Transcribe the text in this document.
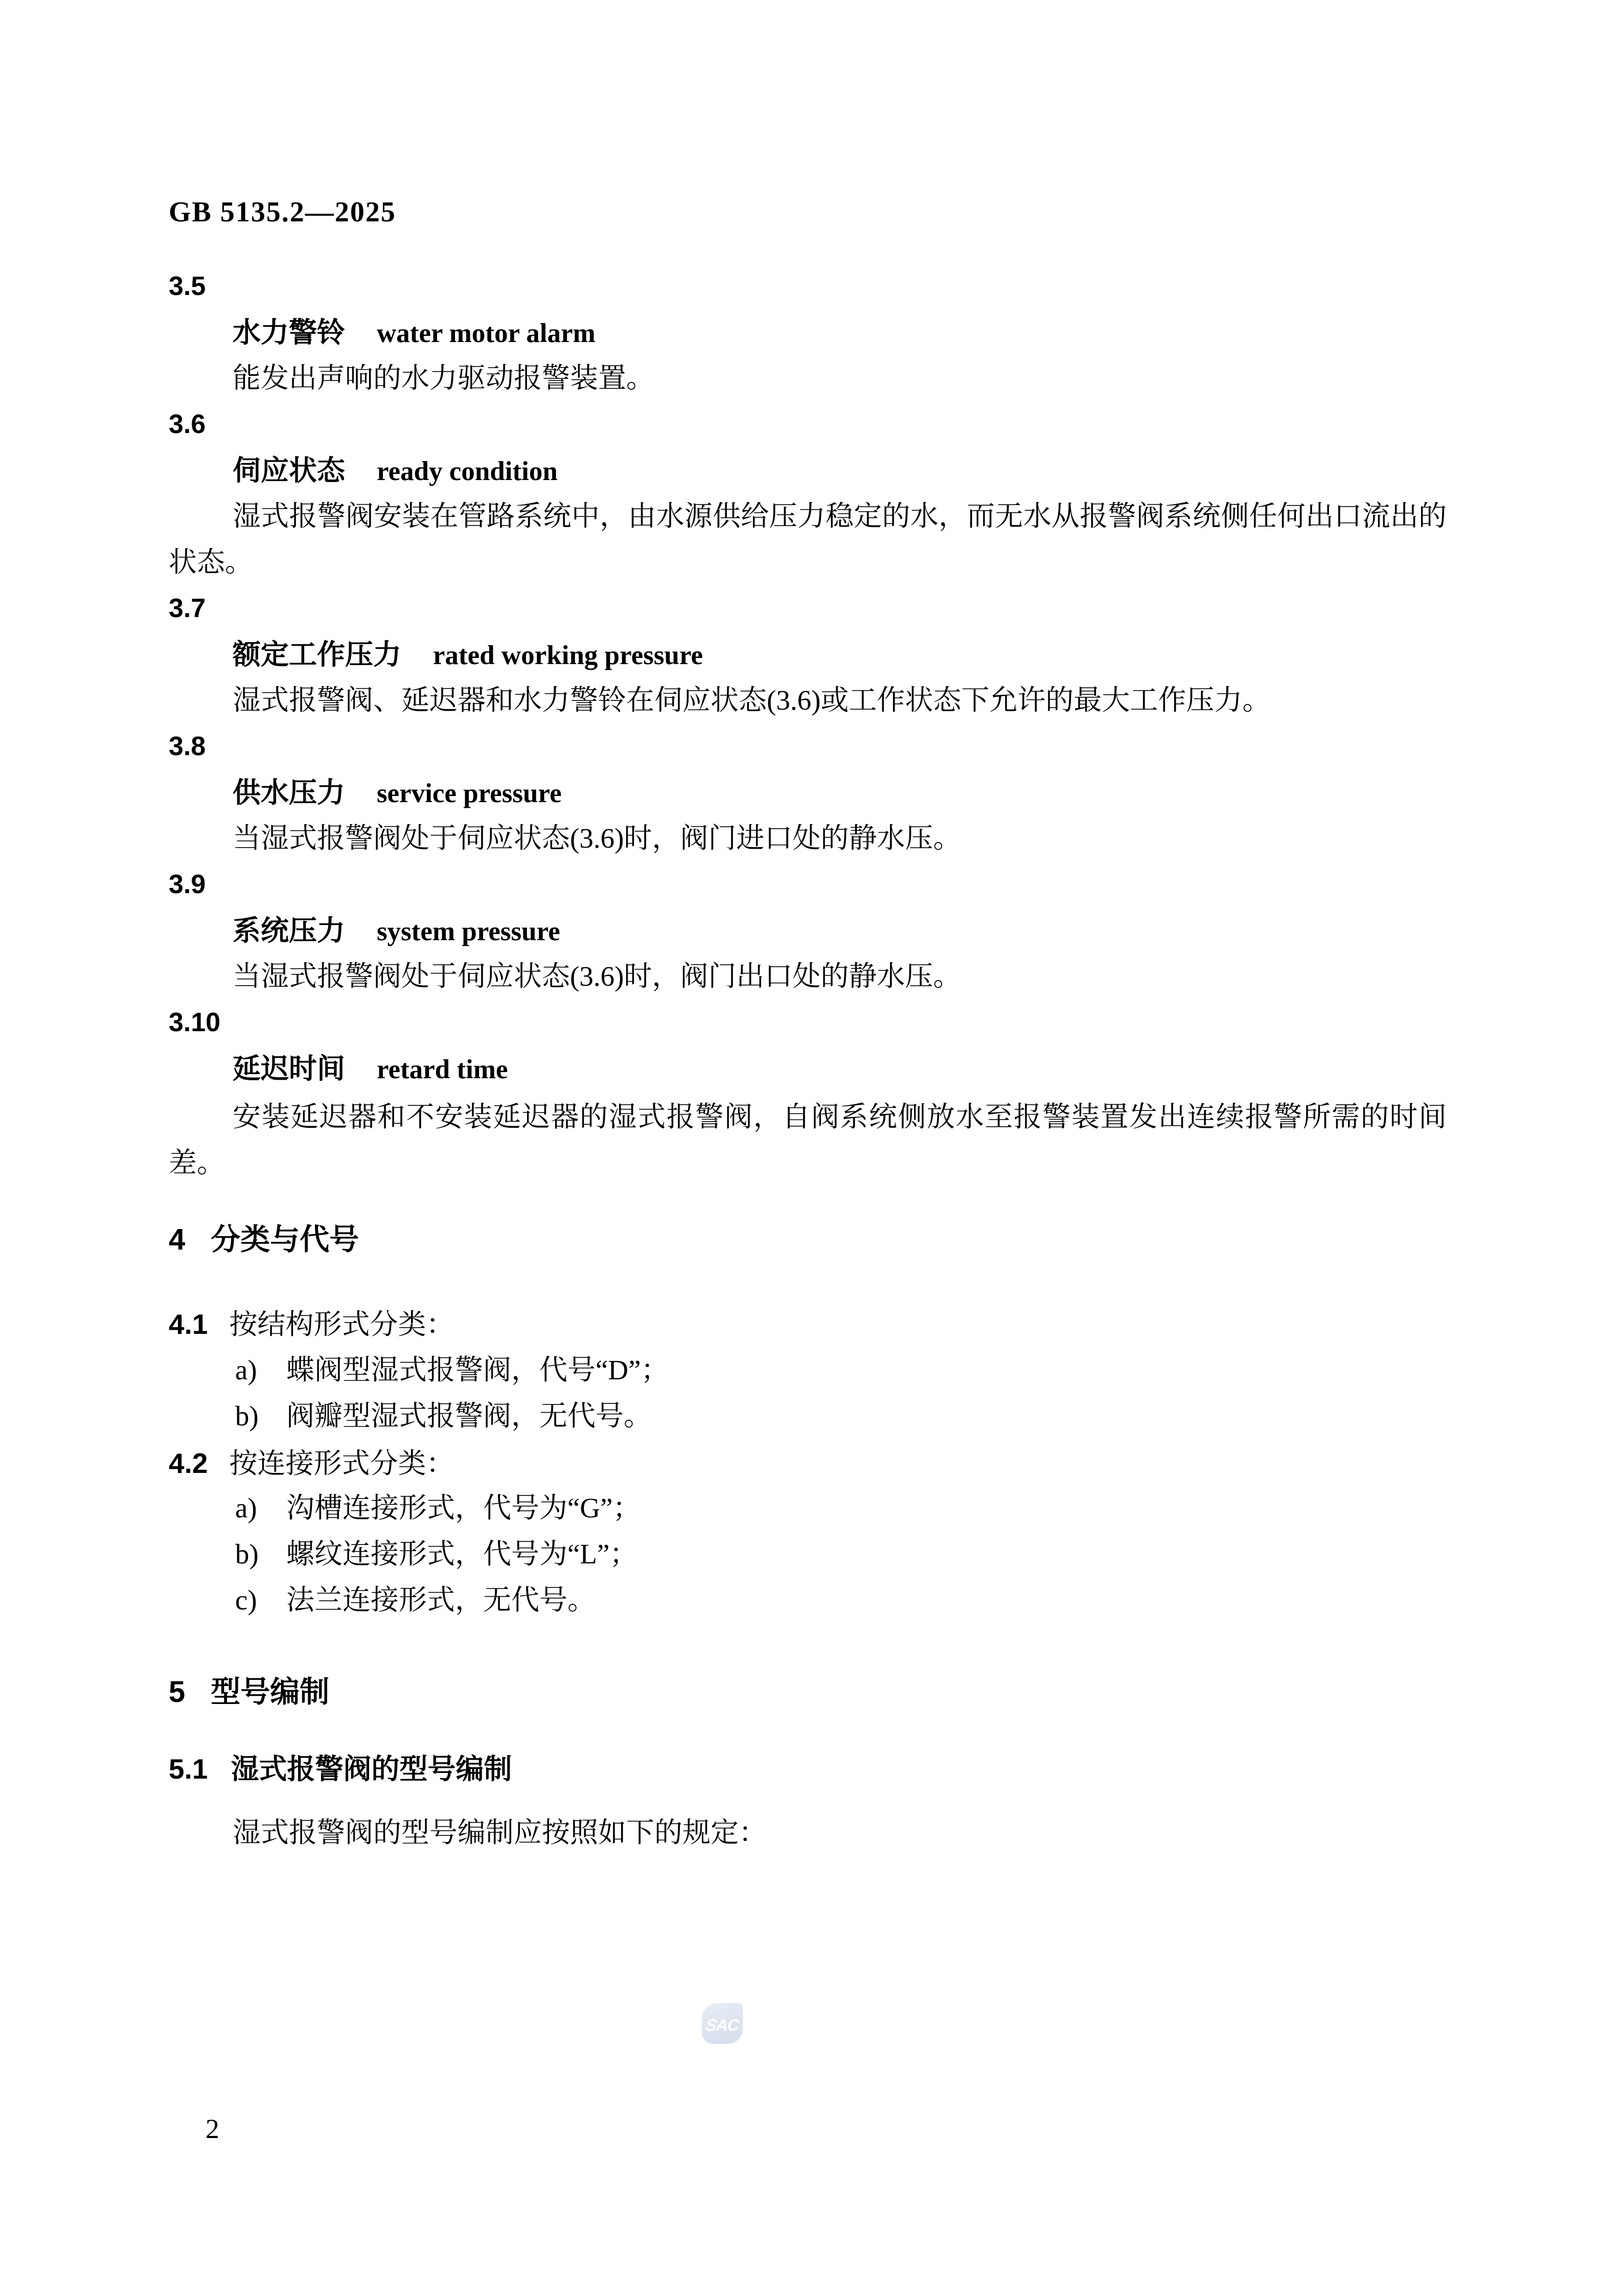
GB 5135.2—2025
3.5
水力警铃 water motor alarm

能发出声响的水力驱动报警装置。

3.6
伺应状态 ready condition

湿式报警阀安装在管路系统中，由水源供给压力稳定的水，而无水从报警阀系统侧任何出口流出的状态。

3.7
额定工作压力 rated working pressure

湿式报警阀、延迟器和水力警铃在伺应状态(3.6)或工作状态下允许的最大工作压力。

3.8
供水压力 service pressure

当湿式报警阀处于伺应状态(3.6)时，阀门进口处的静水压。

3.9
系统压力 system pressure

当湿式报警阀处于伺应状态(3.6)时，阀门出口处的静水压。

3.10
延迟时间 retard time

安装延迟器和不安装延迟器的湿式报警阀，自阀系统侧放水至报警装置发出连续报警所需的时间差。

4 分类与代号
4.1 按结构形式分类：
a) 蝶阀型湿式报警阀，代号“D”；
b) 阀瓣型湿式报警阀，无代号。
4.2 按连接形式分类：
a) 沟槽连接形式，代号为“G”；
b) 螺纹连接形式，代号为“L”；
c) 法兰连接形式，无代号。
5 型号编制
5.1 湿式报警阀的型号编制

湿式报警阀的型号编制应按照如下的规定：

SAC
2
